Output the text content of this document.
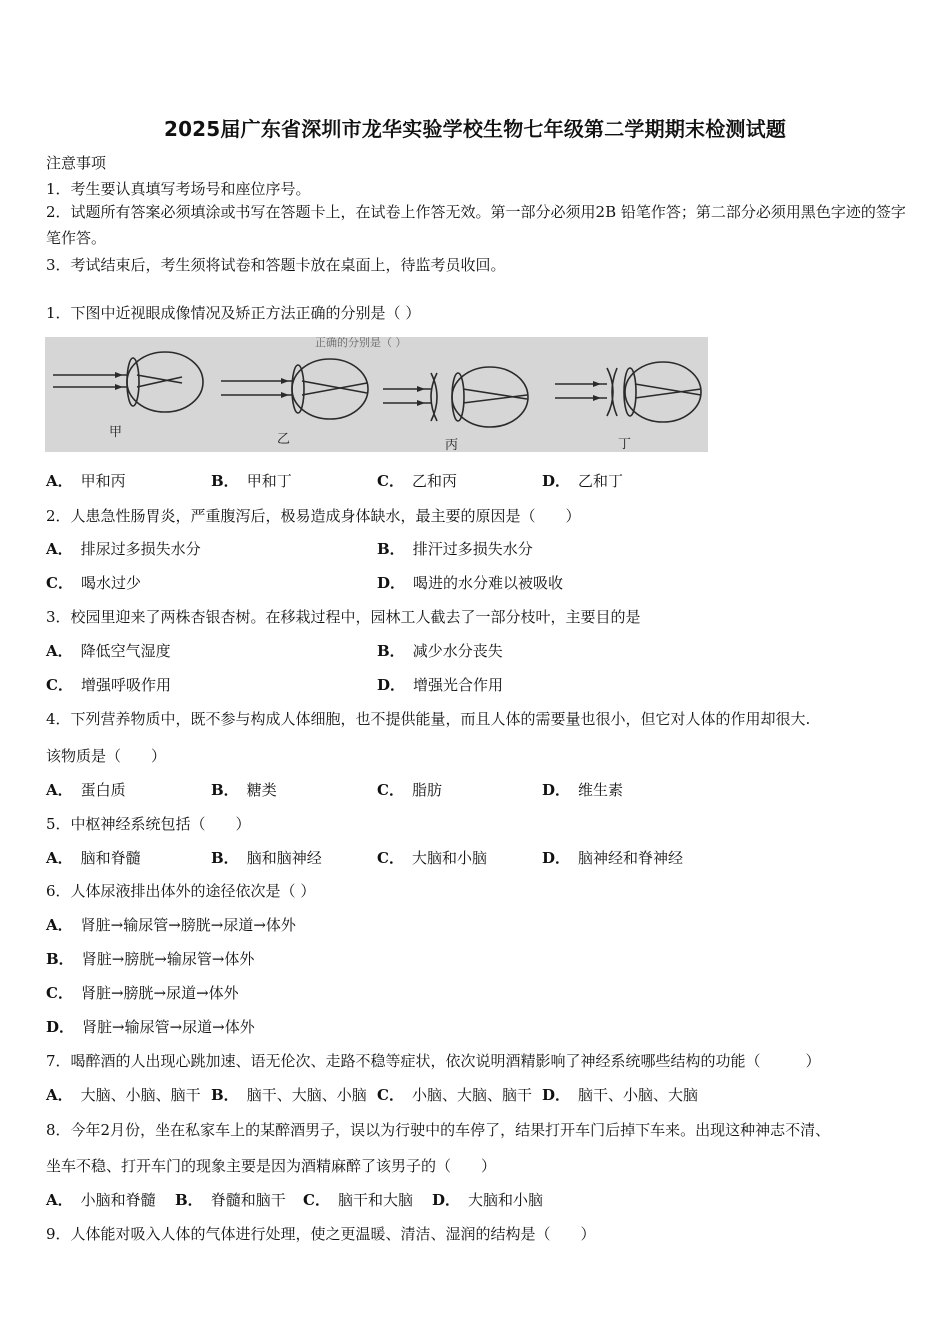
2025届广东省深圳市龙华实验学校生物七年级第二学期期末检测试题
注意事项
1．考生要认真填写考场号和座位序号。
2．试题所有答案必须填涂或书写在答题卡上，在试卷上作答无效。第一部分必须用2B 铅笔作答；第二部分必须用黑色字迹的签字笔作答。
3．考试结束后，考生须将试卷和答题卡放在桌面上，待监考员收回。
1．下图中近视眼成像情况及矫正方法正确的分别是（ ）
正确的分别是（ ）
甲	乙	丙	丁
A． 甲和丙	B． 甲和丁	C． 乙和丙	D． 乙和丁
2．人患急性肠胃炎，严重腹泻后，极易造成身体缺水，最主要的原因是（　　）
A． 排尿过多损失水分	B． 排汗过多损失水分
C． 喝水过少	D． 喝进的水分难以被吸收
3．校园里迎来了两株杏银杏树。在移栽过程中，园林工人截去了一部分枝叶，主要目的是
A． 降低空气湿度	B． 减少水分丧失
C． 增强呼吸作用	D． 增强光合作用
4．下列营养物质中，既不参与构成人体细胞，也不提供能量，而且人体的需要量也很小，但它对人体的作用却很大.
该物质是（　　）
A． 蛋白质	B． 糖类	C． 脂肪	D． 维生素
5．中枢神经系统包括（　　）
A． 脑和脊髓	B． 脑和脑神经	C． 大脑和小脑	D． 脑神经和脊神经
6．人体尿液排出体外的途径依次是（ ）
A． 肾脏→输尿管→膀胱→尿道→体外
B． 肾脏→膀胱→输尿管→体外
C． 肾脏→膀胱→尿道→体外
D． 肾脏→输尿管→尿道→体外
7．喝醉酒的人出现心跳加速、语无伦次、走路不稳等症状，依次说明酒精影响了神经系统哪些结构的功能（　　　）
A． 大脑、小脑、脑干 B． 脑干、大脑、小脑 C． 小脑、大脑、脑干 D． 脑干、小脑、大脑
8．今年2月份，坐在私家车上的某醉酒男子，误以为行驶中的车停了，结果打开车门后掉下车来。出现这种神志不清、
坐车不稳、打开车门的现象主要是因为酒精麻醉了该男子的（　　）
A． 小脑和脊髓 B． 脊髓和脑干 C． 脑干和大脑 D． 大脑和小脑
9．人体能对吸入人体的气体进行处理，使之更温暖、清洁、湿润的结构是（　　）
